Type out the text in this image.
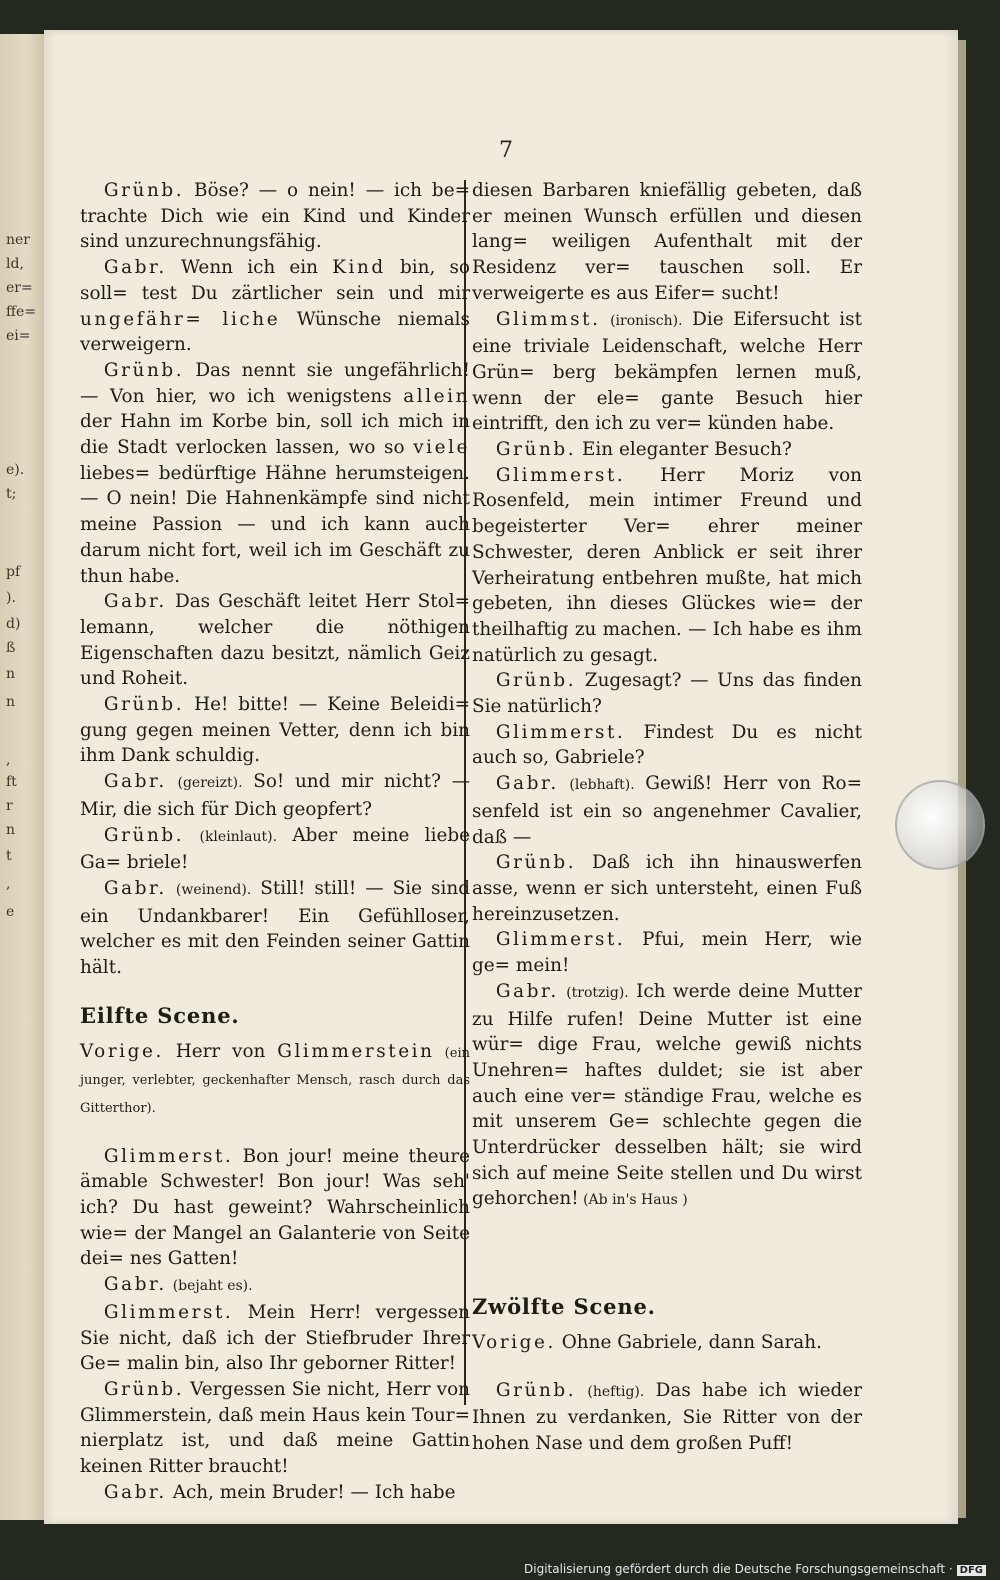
ner
ld,
er=
ffe=
ei=
e).
t;
pf
).
d)
ß
n
n
,
ft
r
n
t
,
e
7

Grünb. Böse? — o nein! — ich be= trachte Dich wie ein Kind und Kinder sind unzurechnungsfähig.

Gabr. Wenn ich ein Kind bin, so soll= test Du zärtlicher sein und mir ungefähr= liche Wünsche niemals verweigern.

Grünb. Das nennt sie ungefährlich! — Von hier, wo ich wenigstens allein der Hahn im Korbe bin, soll ich mich in die Stadt verlocken lassen, wo so viele liebes= bedürftige Hähne herumsteigen. — O nein! Die Hahnenkämpfe sind nicht meine Passion — und ich kann auch darum nicht fort, weil ich im Geschäft zu thun habe.

Gabr. Das Geschäft leitet Herr Stol= lemann, welcher die nöthigen Eigenschaften dazu besitzt, nämlich Geiz und Roheit.

Grünb. He! bitte! — Keine Beleidi= gung gegen meinen Vetter, denn ich bin ihm Dank schuldig.

Gabr. (gereizt). So! und mir nicht? — Mir, die sich für Dich geopfert?

Grünb. (kleinlaut). Aber meine liebe Ga= briele!

Gabr. (weinend). Still! still! — Sie sind ein Undankbarer! Ein Gefühlloser, welcher es mit den Feinden seiner Gattin hält.

Eilfte Scene.

Vorige. Herr von Glimmerstein (ein junger, verlebter, geckenhafter Mensch, rasch durch das Gitterthor).

Glimmerst. Bon jour! meine theure ämable Schwester! Bon jour! Was seh' ich? Du hast geweint? Wahrscheinlich wie= der Mangel an Galanterie von Seite dei= nes Gatten!

Gabr. (bejaht es).

Glimmerst. Mein Herr! vergessen Sie nicht, daß ich der Stiefbruder Ihrer Ge= malin bin, also Ihr geborner Ritter!

Grünb. Vergessen Sie nicht, Herr von Glimmerstein, daß mein Haus kein Tour= nierplatz ist, und daß meine Gattin keinen Ritter braucht!

Gabr. Ach, mein Bruder! — Ich habe

diesen Barbaren kniefällig gebeten, daß er meinen Wunsch erfüllen und diesen lang= weiligen Aufenthalt mit der Residenz ver= tauschen soll. Er verweigerte es aus Eifer= sucht!

Glimmst. (ironisch). Die Eifersucht ist eine triviale Leidenschaft, welche Herr Grün= berg bekämpfen lernen muß, wenn der ele= gante Besuch hier eintrifft, den ich zu ver= künden habe.

Grünb. Ein eleganter Besuch?

Glimmerst. Herr Moriz von Rosenfeld, mein intimer Freund und begeisterter Ver= ehrer meiner Schwester, deren Anblick er seit ihrer Verheiratung entbehren mußte, hat mich gebeten, ihn dieses Glückes wie= der theilhaftig zu machen. — Ich habe es ihm natürlich zu gesagt.

Grünb. Zugesagt? — Uns das finden Sie natürlich?

Glimmerst. Findest Du es nicht auch so, Gabriele?

Gabr. (lebhaft). Gewiß! Herr von Ro= senfeld ist ein so angenehmer Cavalier, daß —

Grünb. Daß ich ihn hinauswerfen asse, wenn er sich untersteht, einen Fuß hereinzusetzen.

Glimmerst. Pfui, mein Herr, wie ge= mein!

Gabr. (trotzig). Ich werde deine Mutter zu Hilfe rufen! Deine Mutter ist eine wür= dige Frau, welche gewiß nichts Unehren= haftes duldet; sie ist aber auch eine ver= ständige Frau, welche es mit unserem Ge= schlechte gegen die Unterdrücker desselben hält; sie wird sich auf meine Seite stellen und Du wirst gehorchen! (Ab in's Haus )

Zwölfte Scene.

Vorige. Ohne Gabriele, dann Sarah.

Grünb. (heftig). Das habe ich wieder Ihnen zu verdanken, Sie Ritter von der hohen Nase und dem großen Puff!

Digitalisierung gefördert durch die Deutsche Forschungsgemeinschaft · DFG
